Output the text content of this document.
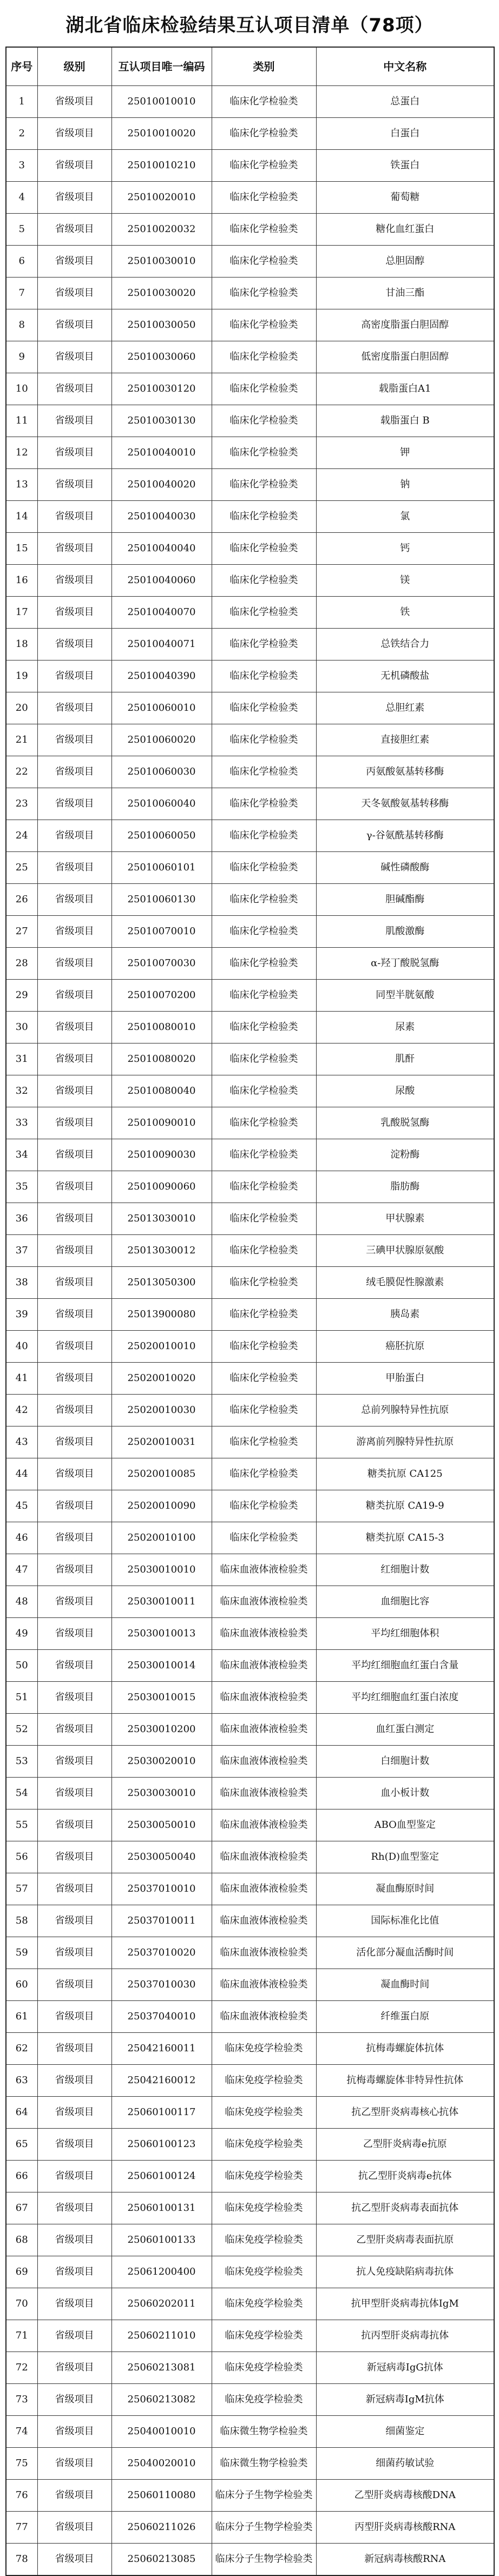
湖北省临床检验结果互认项目清单（78项）
序号	级别	互认项目唯一编码	类别	中文名称
1	省级项目	25010010010	临床化学检验类	总蛋白
2	省级项目	25010010020	临床化学检验类	白蛋白
3	省级项目	25010010210	临床化学检验类	铁蛋白
4	省级项目	25010020010	临床化学检验类	葡萄糖
5	省级项目	25010020032	临床化学检验类	糖化血红蛋白
6	省级项目	25010030010	临床化学检验类	总胆固醇
7	省级项目	25010030020	临床化学检验类	甘油三酯
8	省级项目	25010030050	临床化学检验类	高密度脂蛋白胆固醇
9	省级项目	25010030060	临床化学检验类	低密度脂蛋白胆固醇
10	省级项目	25010030120	临床化学检验类	载脂蛋白A1
11	省级项目	25010030130	临床化学检验类	载脂蛋白 B
12	省级项目	25010040010	临床化学检验类	钾
13	省级项目	25010040020	临床化学检验类	钠
14	省级项目	25010040030	临床化学检验类	氯
15	省级项目	25010040040	临床化学检验类	钙
16	省级项目	25010040060	临床化学检验类	镁
17	省级项目	25010040070	临床化学检验类	铁
18	省级项目	25010040071	临床化学检验类	总铁结合力
19	省级项目	25010040390	临床化学检验类	无机磷酸盐
20	省级项目	25010060010	临床化学检验类	总胆红素
21	省级项目	25010060020	临床化学检验类	直接胆红素
22	省级项目	25010060030	临床化学检验类	丙氨酸氨基转移酶
23	省级项目	25010060040	临床化学检验类	天冬氨酸氨基转移酶
24	省级项目	25010060050	临床化学检验类	γ-谷氨酰基转移酶
25	省级项目	25010060101	临床化学检验类	碱性磷酸酶
26	省级项目	25010060130	临床化学检验类	胆碱酯酶
27	省级项目	25010070010	临床化学检验类	肌酸激酶
28	省级项目	25010070030	临床化学检验类	α-羟丁酸脱氢酶
29	省级项目	25010070200	临床化学检验类	同型半胱氨酸
30	省级项目	25010080010	临床化学检验类	尿素
31	省级项目	25010080020	临床化学检验类	肌酐
32	省级项目	25010080040	临床化学检验类	尿酸
33	省级项目	25010090010	临床化学检验类	乳酸脱氢酶
34	省级项目	25010090030	临床化学检验类	淀粉酶
35	省级项目	25010090060	临床化学检验类	脂肪酶
36	省级项目	25013030010	临床化学检验类	甲状腺素
37	省级项目	25013030012	临床化学检验类	三碘甲状腺原氨酸
38	省级项目	25013050300	临床化学检验类	绒毛膜促性腺激素
39	省级项目	25013900080	临床化学检验类	胰岛素
40	省级项目	25020010010	临床化学检验类	癌胚抗原
41	省级项目	25020010020	临床化学检验类	甲胎蛋白
42	省级项目	25020010030	临床化学检验类	总前列腺特异性抗原
43	省级项目	25020010031	临床化学检验类	游离前列腺特异性抗原
44	省级项目	25020010085	临床化学检验类	糖类抗原 CA125
45	省级项目	25020010090	临床化学检验类	糖类抗原 CA19-9
46	省级项目	25020010100	临床化学检验类	糖类抗原 CA15-3
47	省级项目	25030010010	临床血液体液检验类	红细胞计数
48	省级项目	25030010011	临床血液体液检验类	血细胞比容
49	省级项目	25030010013	临床血液体液检验类	平均红细胞体积
50	省级项目	25030010014	临床血液体液检验类	平均红细胞血红蛋白含量
51	省级项目	25030010015	临床血液体液检验类	平均红细胞血红蛋白浓度
52	省级项目	25030010200	临床血液体液检验类	血红蛋白测定
53	省级项目	25030020010	临床血液体液检验类	白细胞计数
54	省级项目	25030030010	临床血液体液检验类	血小板计数
55	省级项目	25030050010	临床血液体液检验类	ABO血型鉴定
56	省级项目	25030050040	临床血液体液检验类	Rh(D)血型鉴定
57	省级项目	25037010010	临床血液体液检验类	凝血酶原时间
58	省级项目	25037010011	临床血液体液检验类	国际标准化比值
59	省级项目	25037010020	临床血液体液检验类	活化部分凝血活酶时间
60	省级项目	25037010030	临床血液体液检验类	凝血酶时间
61	省级项目	25037040010	临床血液体液检验类	纤维蛋白原
62	省级项目	25042160011	临床免疫学检验类	抗梅毒螺旋体抗体
63	省级项目	25042160012	临床免疫学检验类	抗梅毒螺旋体非特异性抗体
64	省级项目	25060100117	临床免疫学检验类	抗乙型肝炎病毒核心抗体
65	省级项目	25060100123	临床免疫学检验类	乙型肝炎病毒e抗原
66	省级项目	25060100124	临床免疫学检验类	抗乙型肝炎病毒e抗体
67	省级项目	25060100131	临床免疫学检验类	抗乙型肝炎病毒表面抗体
68	省级项目	25060100133	临床免疫学检验类	乙型肝炎病毒表面抗原
69	省级项目	25061200400	临床免疫学检验类	抗人免疫缺陷病毒抗体
70	省级项目	25060202011	临床免疫学检验类	抗甲型肝炎病毒抗体IgM
71	省级项目	25060211010	临床免疫学检验类	抗丙型肝炎病毒抗体
72	省级项目	25060213081	临床免疫学检验类	新冠病毒IgG抗体
73	省级项目	25060213082	临床免疫学检验类	新冠病毒IgM抗体
74	省级项目	25040010010	临床微生物学检验类	细菌鉴定
75	省级项目	25040020010	临床微生物学检验类	细菌药敏试验
76	省级项目	25060110080	临床分子生物学检验类	乙型肝炎病毒核酸DNA
77	省级项目	25060211026	临床分子生物学检验类	丙型肝炎病毒核酸RNA
78	省级项目	25060213085	临床分子生物学检验类	新冠病毒核酸RNA
